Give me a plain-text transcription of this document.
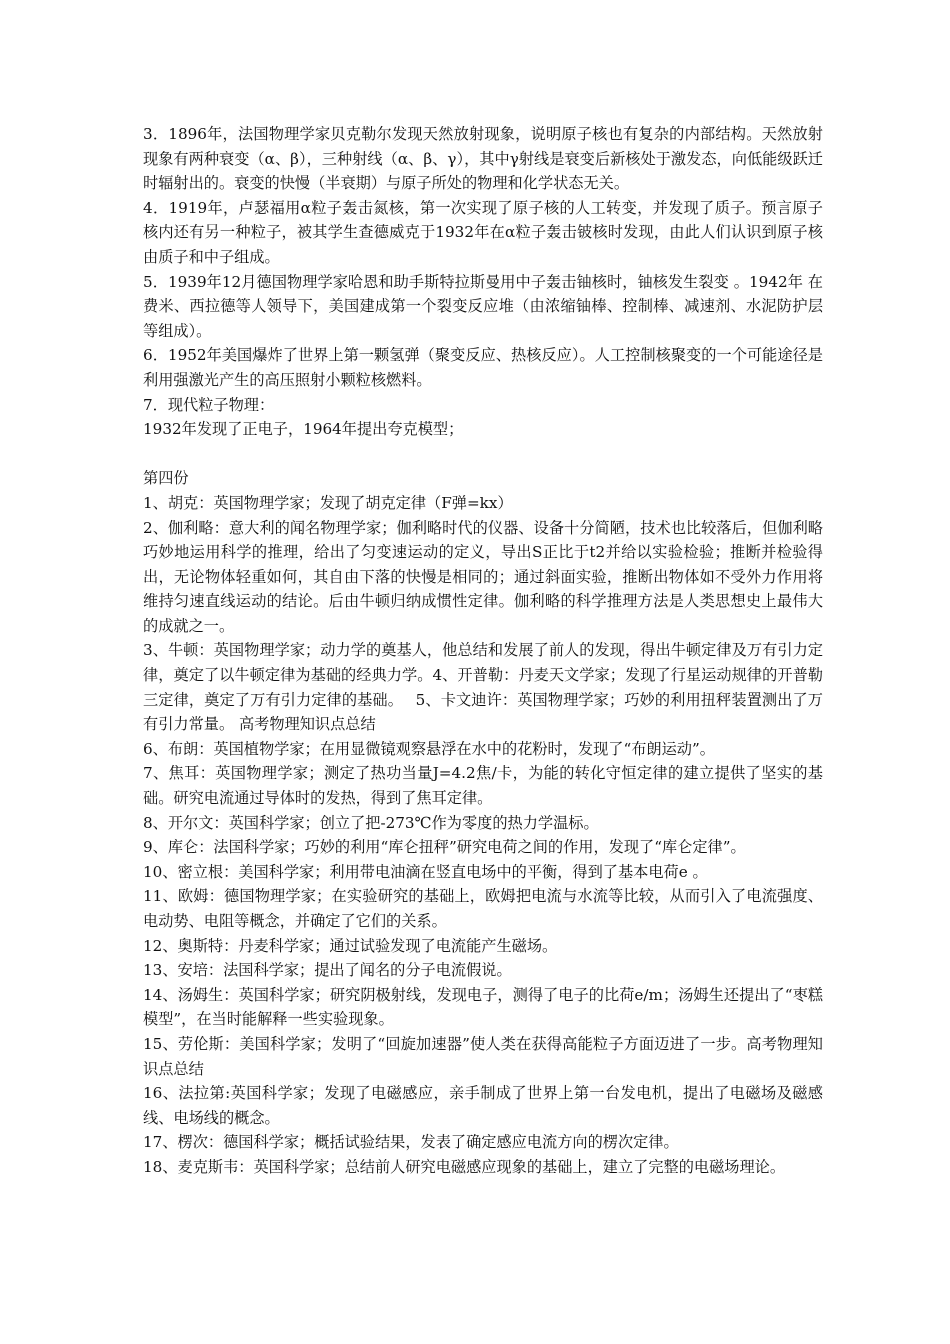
3．1896年，法国物理学家贝克勒尔发现天然放射现象，说明原子核也有复杂的内部结构。天然放射现象有两种衰变（α、β），三种射线（α、β、γ），其中γ射线是衰变后新核处于激发态，向低能级跃迁时辐射出的。衰变的快慢（半衰期）与原子所处的物理和化学状态无关。

4．1919年，卢瑟福用α粒子轰击氮核，第一次实现了原子核的人工转变，并发现了质子。预言原子核内还有另一种粒子，被其学生查德威克于1932年在α粒子轰击铍核时发现，由此人们认识到原子核由质子和中子组成。

5．1939年12月德国物理学家哈恩和助手斯特拉斯曼用中子轰击铀核时，铀核发生裂变 。1942年 在费米、西拉德等人领导下，美国建成第一个裂变反应堆（由浓缩铀棒、控制棒、减速剂、水泥防护层等组成）。

6．1952年美国爆炸了世界上第一颗氢弹（聚变反应、热核反应）。人工控制核聚变的一个可能途径是利用强激光产生的高压照射小颗粒核燃料。

7．现代粒子物理：

1932年发现了正电子，1964年提出夸克模型；

第四份

1、胡克：英国物理学家；发现了胡克定律（F弹=kx）

2、伽利略：意大利的闻名物理学家；伽利略时代的仪器、设备十分简陋，技术也比较落后，但伽利略巧妙地运用科学的推理，给出了匀变速运动的定义，导出S正比于t2并给以实验检验；推断并检验得出，无论物体轻重如何，其自由下落的快慢是相同的；通过斜面实验，推断出物体如不受外力作用将维持匀速直线运动的结论。后由牛顿归纳成惯性定律。伽利略的科学推理方法是人类思想史上最伟大的成就之一。

3、牛顿：英国物理学家；动力学的奠基人，他总结和发展了前人的发现，得出牛顿定律及万有引力定律，奠定了以牛顿定律为基础的经典力学。4、开普勒：丹麦天文学家；发现了行星运动规律的开普勒三定律，奠定了万有引力定律的基础。　 5、卡文迪许：英国物理学家；巧妙的利用扭秤装置测出了万有引力常量。 高考物理知识点总结

6、布朗：英国植物学家；在用显微镜观察悬浮在水中的花粉时，发现了“布朗运动”。

7、焦耳：英国物理学家；测定了热功当量J=4.2焦/卡，为能的转化守恒定律的建立提供了坚实的基础。研究电流通过导体时的发热，得到了焦耳定律。

8、开尔文：英国科学家；创立了把-273℃作为零度的热力学温标。

9、库仑：法国科学家；巧妙的利用“库仑扭秤”研究电荷之间的作用，发现了“库仑定律”。

10、密立根：美国科学家；利用带电油滴在竖直电场中的平衡，得到了基本电荷e 。

11、欧姆：德国物理学家；在实验研究的基础上，欧姆把电流与水流等比较，从而引入了电流强度、电动势、电阻等概念，并确定了它们的关系。

12、奥斯特：丹麦科学家；通过试验发现了电流能产生磁场。

13、安培：法国科学家；提出了闻名的分子电流假说。

14、汤姆生：英国科学家；研究阴极射线，发现电子，测得了电子的比荷e/m；汤姆生还提出了“枣糕模型”，在当时能解释一些实验现象。

15、劳伦斯：美国科学家；发明了“回旋加速器”使人类在获得高能粒子方面迈进了一步。高考物理知识点总结

16、法拉第:英国科学家；发现了电磁感应，亲手制成了世界上第一台发电机，提出了电磁场及磁感线、电场线的概念。

17、楞次：德国科学家；概括试验结果，发表了确定感应电流方向的楞次定律。

18、麦克斯韦：英国科学家；总结前人研究电磁感应现象的基础上，建立了完整的电磁场理论。
